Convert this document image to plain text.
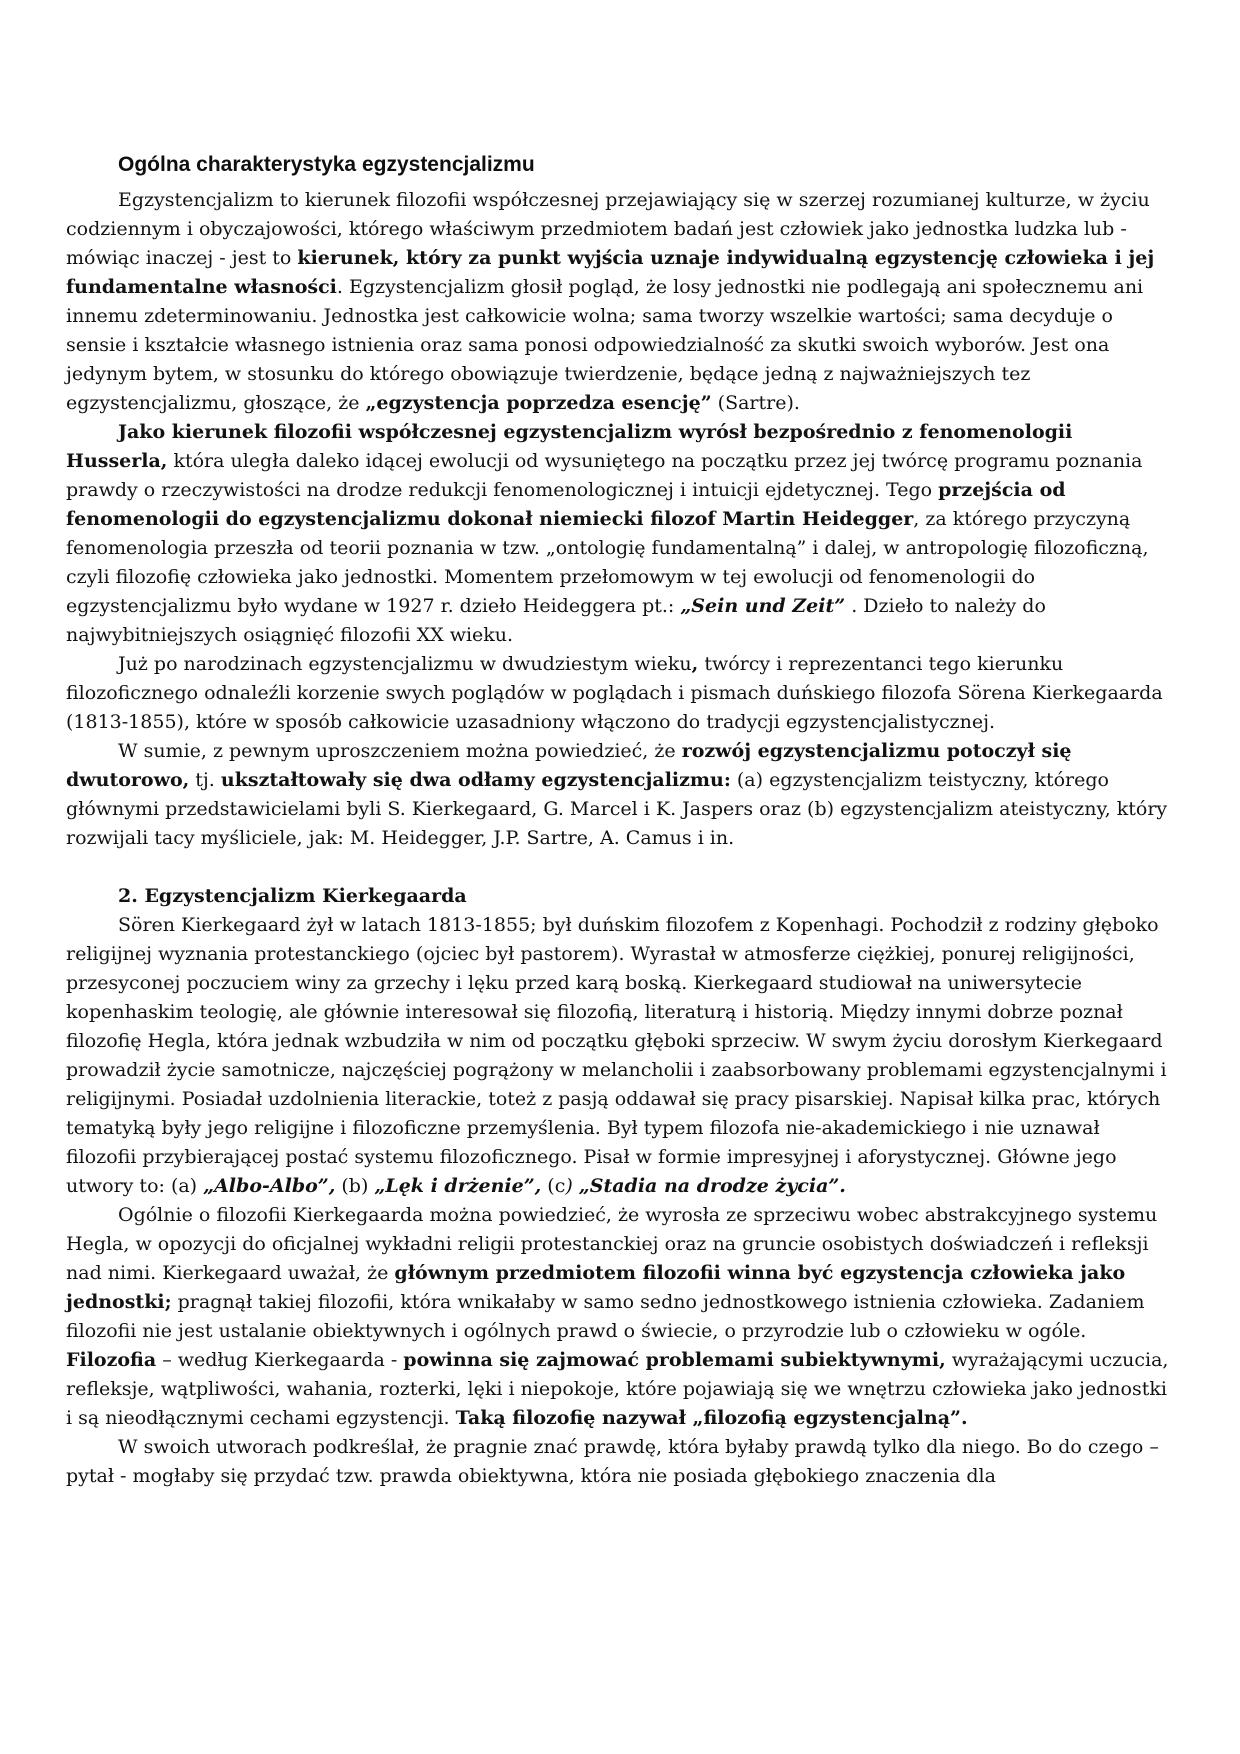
Ogólna charakterystyka egzystencjalizmu

Egzystencjalizm to kierunek filozofii współczesnej przejawiający się w szerzej rozumianej kulturze, w życiu codziennym i obyczajowości, którego właściwym przedmiotem badań jest człowiek jako jednostka ludzka lub - mówiąc inaczej - jest to kierunek, który za punkt wyjścia uznaje indywidualną egzystencję człowieka i jej fundamentalne własności. Egzystencjalizm głosił pogląd, że losy jednostki nie podlegają ani społecznemu ani innemu zdeterminowaniu. Jednostka jest całkowicie wolna; sama tworzy wszelkie wartości; sama decyduje o sensie i kształcie własnego istnienia oraz sama ponosi odpowiedzialność za skutki swoich wyborów. Jest ona jedynym bytem, w stosunku do którego obowiązuje twierdzenie, będące jedną z najważniejszych tez egzystencjalizmu, głoszące, że „egzystencja poprzedza esencję” (Sartre).

Jako kierunek filozofii współczesnej egzystencjalizm wyrósł bezpośrednio z fenomenologii Husserla, która uległa daleko idącej ewolucji od wysuniętego na początku przez jej twórcę programu poznania prawdy o rzeczywistości na drodze redukcji fenomenologicznej i intuicji ejdetycznej. Tego przejścia od fenomenologii do egzystencjalizmu dokonał niemiecki filozof Martin Heidegger, za którego przyczyną fenomenologia przeszła od teorii poznania w tzw. „ontologię fundamentalną” i dalej, w antropologię filozoficzną, czyli filozofię człowieka jako jednostki. Momentem przełomowym w tej ewolucji od fenomenologii do egzystencjalizmu było wydane w 1927 r. dzieło Heideggera pt.: „Sein und Zeit” . Dzieło to należy do najwybitniejszych osiągnięć filozofii XX wieku.

Już po narodzinach egzystencjalizmu w dwudziestym wieku, twórcy i reprezentanci tego kierunku filozoficznego odnaleźli korzenie swych poglądów w poglądach i pismach duńskiego filozofa Sörena Kierkegaarda (1813-1855), które w sposób całkowicie uzasadniony włączono do tradycji egzystencjalistycznej.

W sumie, z pewnym uproszczeniem można powiedzieć, że rozwój egzystencjalizmu potoczył się dwutorowo, tj. ukształtowały się dwa odłamy egzystencjalizmu: (a) egzystencjalizm teistyczny, którego głównymi przedstawicielami byli S. Kierkegaard, G. Marcel i K. Jaspers oraz (b) egzystencjalizm ateistyczny, który rozwijali tacy myśliciele, jak: M. Heidegger, J.P. Sartre, A. Camus i in.

2. Egzystencjalizm Kierkegaarda

Sören Kierkegaard żył w latach 1813-1855; był duńskim filozofem z Kopenhagi. Pochodził z rodziny głęboko religijnej wyznania protestanckiego (ojciec był pastorem). Wyrastał w atmosferze ciężkiej, ponurej religijności, przesyconej poczuciem winy za grzechy i lęku przed karą boską. Kierkegaard studiował na uniwersytecie kopenhaskim teologię, ale głównie interesował się filozofią, literaturą i historią. Między innymi dobrze poznał filozofię Hegla, która jednak wzbudziła w nim od początku głęboki sprzeciw. W swym życiu dorosłym Kierkegaard prowadził życie samotnicze, najczęściej pogrążony w melancholii i zaabsorbowany problemami egzystencjalnymi i religijnymi. Posiadał uzdolnienia literackie, toteż z pasją oddawał się pracy pisarskiej. Napisał kilka prac, których tematyką były jego religijne i filozoficzne przemyślenia. Był typem filozofa nie-akademickiego i nie uznawał filozofii przybierającej postać systemu filozoficznego. Pisał w formie impresyjnej i aforystycznej. Główne jego utwory to: (a) „Albo-Albo”, (b) „Lęk i drżenie”, (c) „Stadia na drodze życia”.

Ogólnie o filozofii Kierkegaarda można powiedzieć, że wyrosła ze sprzeciwu wobec abstrakcyjnego systemu Hegla, w opozycji do oficjalnej wykładni religii protestanckiej oraz na gruncie osobistych doświadczeń i refleksji nad nimi. Kierkegaard uważał, że głównym przedmiotem filozofii winna być egzystencja człowieka jako jednostki; pragnął takiej filozofii, która wnikałaby w samo sedno jednostkowego istnienia człowieka. Zadaniem filozofii nie jest ustalanie obiektywnych i ogólnych prawd o świecie, o przyrodzie lub o człowieku w ogóle. Filozofia – według Kierkegaarda - powinna się zajmować problemami subiektywnymi, wyrażającymi uczucia, refleksje, wątpliwości, wahania, rozterki, lęki i niepokoje, które pojawiają się we wnętrzu człowieka jako jednostki i są nieodłącznymi cechami egzystencji. Taką filozofię nazywał „filozofią egzystencjalną”.

W swoich utworach podkreślał, że pragnie znać prawdę, która byłaby prawdą tylko dla niego. Bo do czego – pytał - mogłaby się przydać tzw. prawda obiektywna, która nie posiada głębokiego znaczenia dla
